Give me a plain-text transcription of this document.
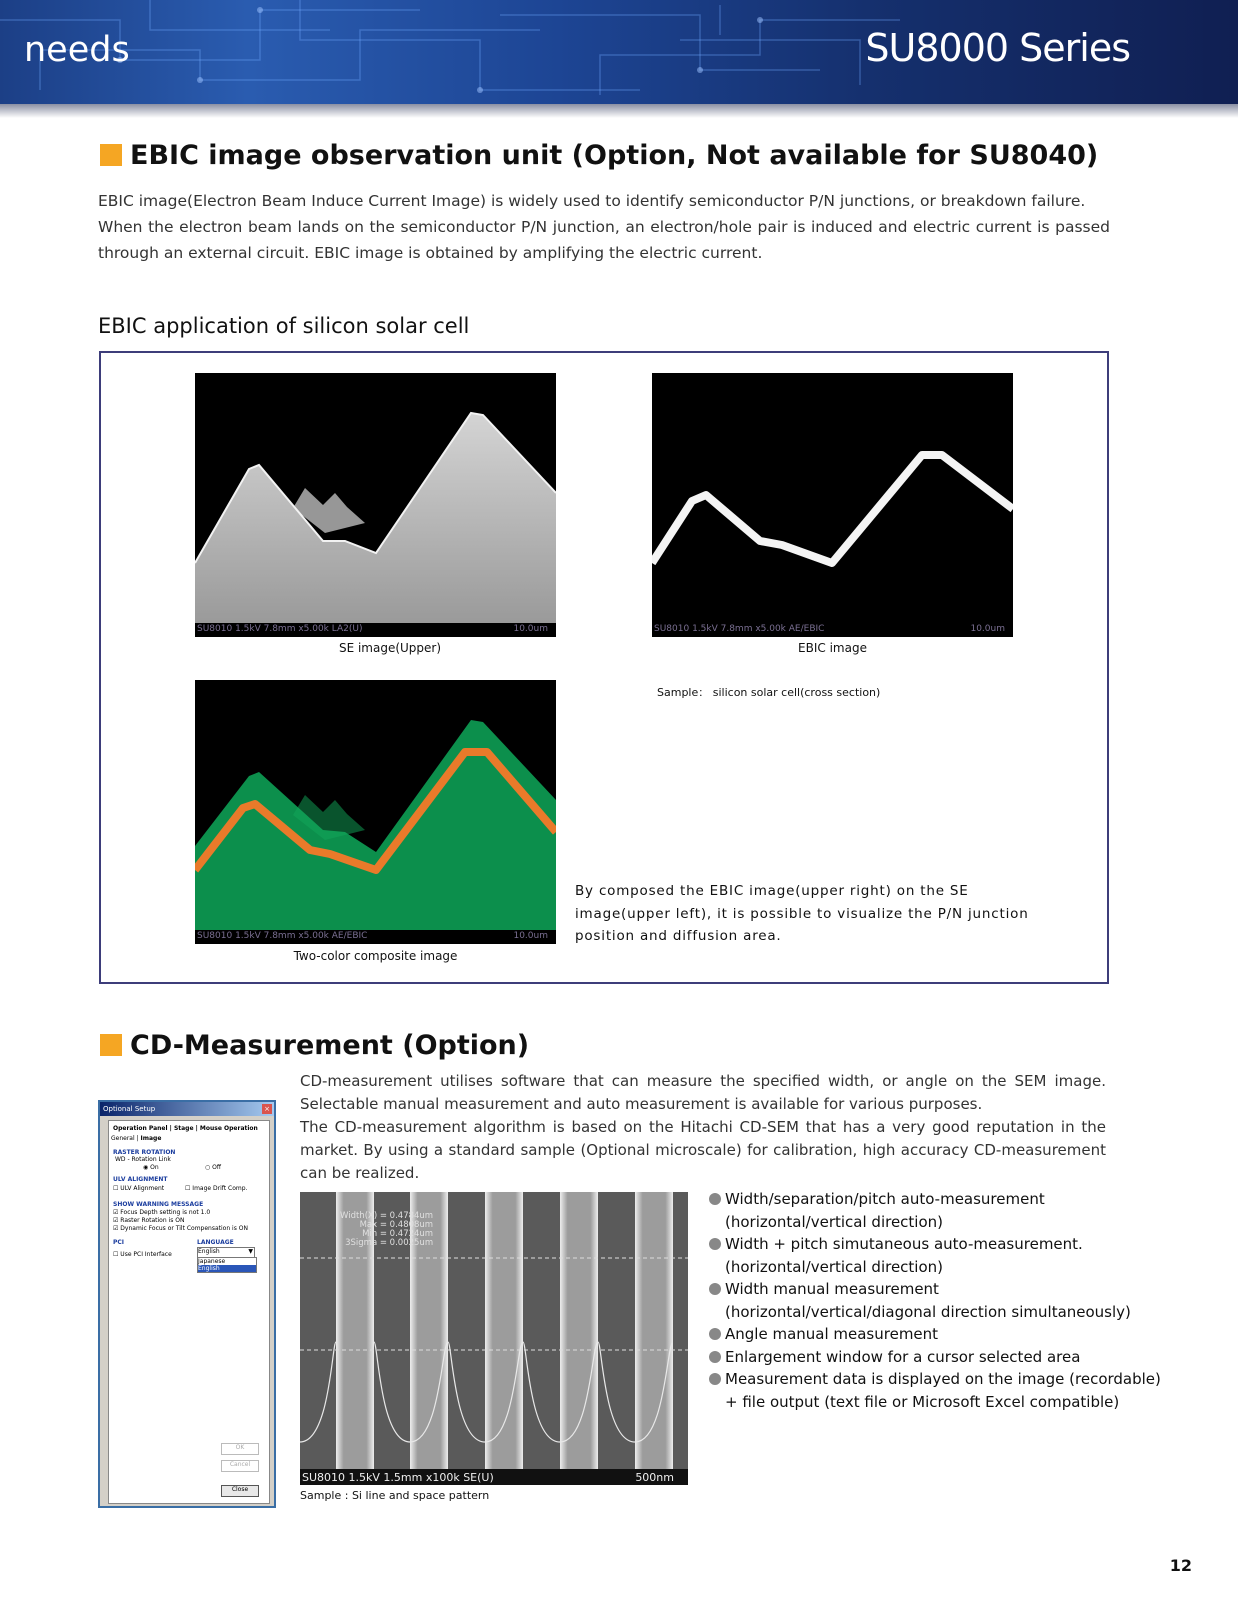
needs	SU8000 Series
EBIC image observation unit (Option, Not available for SU8040)

EBIC image(Electron Beam Induce Current Image) is widely used to identify semiconductor P/N junctions, or breakdown failure.

When the electron beam lands on the semiconductor P/N junction, an electron/hole pair is induced and electric current is passed through an external circuit. EBIC image is obtained by amplifying the electric current.

EBIC application of silicon solar cell
SU8010 1.5kV 7.8mm x5.00k LA2(U)	10.0um
SE image(Upper)
SU8010 1.5kV 7.8mm x5.00k AE/EBIC	10.0um
EBIC image
Sample： silicon solar cell(cross section)
SU8010 1.5kV 7.8mm x5.00k AE/EBIC	10.0um
Two-color composite image
By composed the EBIC image(upper right) on the SE image(upper left), it is possible to visualize the P/N junction position and diffusion area.
CD-Measurement (Option)
Optional Setup	×
Operation Panel | Stage | Mouse Operation
General | Image
RASTER ROTATION
WD - Rotation Link
◉ On	○ Off
ULV ALIGNMENT
☐ ULV Alignment	☐ Image Drift Comp.
SHOW WARNING MESSAGE
☑ Focus Depth setting is not 1.0
☑ Raster Rotation is ON
☑ Dynamic Focus or Tilt Compensation is ON
PCI
☐ Use PCI Interface
LANGUAGE
English	▼
Japanese
English
OK
Cancel
Close

CD-measurement utilises software that can measure the specified width, or angle on the SEM image. Selectable manual measurement and auto measurement is available for various purposes.

The CD-measurement algorithm is based on the Hitachi CD-SEM that has a very good reputation in the market. By using a standard sample (Optional microscale) for calibration, high accuracy CD-measurement can be realized.

Width(X) = 0.4784um
Max = 0.4808um
Min = 0.4724um
3Sigma = 0.0025um
SU8010 1.5kV 1.5mm x100k SE(U)	500nm
Sample : Si line and space pattern
Width/separation/pitch auto-measurement
(horizontal/vertical direction)
Width + pitch simutaneous auto-measurement.
(horizontal/vertical direction)
Width manual measurement
(horizontal/vertical/diagonal direction simultaneously)
Angle manual measurement
Enlargement window for a cursor selected area
Measurement data is displayed on the image (recordable)
+ file output (text file or Microsoft Excel compatible)
12
